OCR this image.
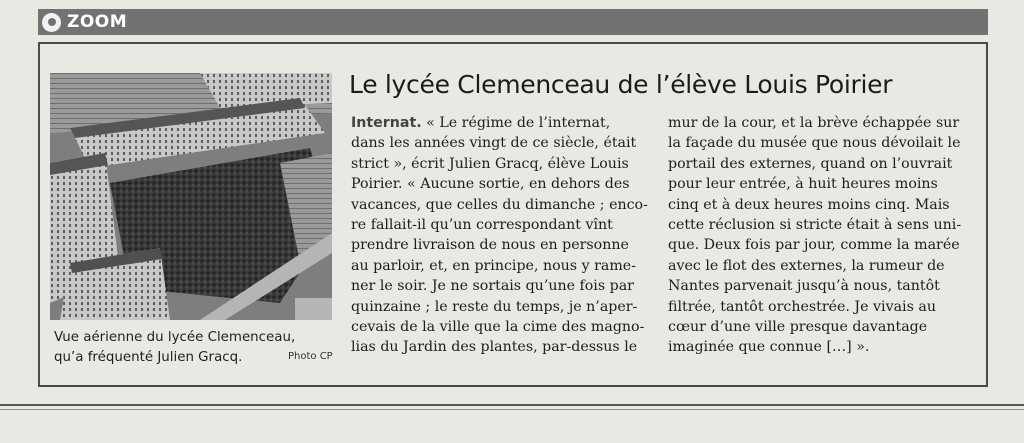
ZOOM
Vue aérienne du lycée Clemenceau,
qu’a fréquenté Julien Gracq.	Photo CP
Le lycée Clemenceau de l’élève Louis Poirier
Internat. « Le régime de l’internat,
dans les années vingt de ce siècle, était
strict », écrit Julien Gracq, élève Louis
Poirier. « Aucune sortie, en dehors des
vacances, que celles du dimanche ; enco-
re fallait-il qu’un correspondant vînt
prendre livraison de nous en personne
au parloir, et, en principe, nous y rame-
ner le soir. Je ne sortais qu’une fois par
quinzaine ; le reste du temps, je n’aper-
cevais de la ville que la cime des magno-
lias du Jardin des plantes, par-dessus le
mur de la cour, et la brève échappée sur
la façade du musée que nous dévoilait le
portail des externes, quand on l’ouvrait
pour leur entrée, à huit heures moins
cinq et à deux heures moins cinq. Mais
cette réclusion si stricte était à sens uni-
que. Deux fois par jour, comme la marée
avec le flot des externes, la rumeur de
Nantes parvenait jusqu’à nous, tantôt
filtrée, tantôt orchestrée. Je vivais au
cœur d’une ville presque davantage
imaginée que connue […] ».
